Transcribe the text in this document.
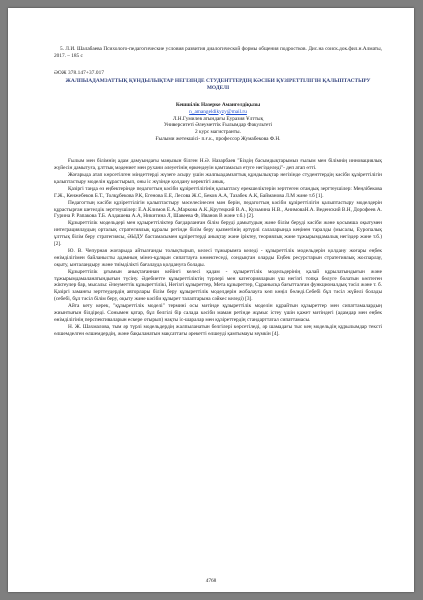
5. Л.И. Шалабаева Психолого-педагогические условия развития диалогической формы общения подростков. Дис.на соиск.док.фил.н.Алматы, 2017. – 185 с

ӘОЖ 378.147+37.017

ЖАЛПЫАДАМЗАТТЫҚ ҚҰНДЫЛЫҚТАР НЕГІЗІНДЕ СТУДЕНТТЕРДІҢ КӘСІБИ ҚҰЗІРЕТТІЛІГІН ҚАЛЫПТАСТЫРУ МОДЕЛІ

Кешшілік Назерке Амангелдіқызы

n_amangeldikyzy@mail.ru

Л.Н.Гумилев атындағы Еуразия Ұлттық

Университеті Әлеуметтік Ғылымдар Факультеті

2 курс магистранты.

Ғылыми жетекшісі- п.ғ.к., профессор Жумабекова Ф.Н.

Ғылым мен білімнің адам дамуындағы маңызын білген Н.Ә. Назарбаев "Біздің басымдықтарымыз ғылым мен білімнің инновациялық жүйесін дамытуға, ұлттық мәдениет мен рухани әлеуетінің өркендеуін қамтамасыз етуге негізделеді"- деп атап өтті.

Жоғарыда атап көрсетілген міндеттерді жүзеге асыру үшін жалпыадамзаттық құндылықтар негізінде студенттердің кәсіби құзіреттілігін қалыптастыру моделін құрастырып, оны іс жүзінде қолдану керектігі анық.

Қазіргі таңда өз еңбектерінде педагогтың кәсіби құзіреттілігінің қалыптасу ерекшеліктерін зерттеген отандық зерттеушілер: Меңлібекова Г.Ж., Кенжебеков Б.Т., Толқұбекова Р.К, Егенова Е.Е, Лесова Ж.С, Беков А.А, Тазабек А.К, Байманова Л.М және т.б [1].

Педагогтың кәсіби құзіреттілігін қалыптастыру мәселесінесен мән берін, педагогтың кәсіби құзіреттілігін қалыптастыру моделдерін құрастырған шетелдік зерттеушілер: Е.А.Климов Е.А.,Маркова А.К.,Крутецкий В.А., Кузьмина Н.В., АнимоваН.А. Веденский В.Н, Дорофеев А. Гурина Р. Рапакова Т.Б. Алдашева А.А, Никитина Л, Шавеева Ф, Иванов В және т.б.) [2].

Құзыреттілік модельдері мен құзыреттіліктер бағдарланған білім беруді дамытудың және білім беруді кәсіби және қосымша оқытумен интеграциялаудың орталық стратегиялық құралы ретінде білім беру қызметінің әртүрлі салаларында кеңінен таралды (мысалы, Еуропалық ұлттық білім беру стратегиясы, ӘЫДУ бастамасымен құзіреттерді анықтау және іріктеу, теориялық және тұжырымдамалық негіздер және т.б.) [2].

Ю. В. Чепурная жоғарыда айтылғанды толықтырып, келесі тұжырымға келеді - құзыреттілік модельдерін қолдану жоғары еңбек өнімділігімен байланысты адамның мінез-құлқын сипаттауға көмектеседі, сондықтан оларды Еңбек ресурстарын стратегиялық жоспарлау, оқыту, ынталандыру және тиімділікті бағалауда қолдануға болады.

Құзыреттілік ұғымын анықтағаннан кейінгі келесі қадам - құзыреттілік модельдерінің қалай құрылатындығын және тұжырымдамаланатындығын түсіну. Әдебиетте құзыреттіліктің түрлері мен категорияларын үш негізгі топқа бөлуге болатын көптеген жіктеулер бар, мысалы: Әлеуметтік құзыреттілікі, Негізгі құзыреттер, Мета құзыреттер, Сұранысқа бағытталған функционалдық тәсіл және т. б. Қазіргі заманғы зерттеудердің авторлары білім беру құзыреттілік моделдерін жобалауға көп көңіл бөледі.Себебі бұл тәсіл жүйелі болады (себебі, бұл тәсіл білім беру, оқыту және кәсіби құзырет талаптарына сәйкес келеді) [3].

Айта кету керек, "құзыреттілік моделі" термині осы мәтінде құзыреттілік моделін құрайтын құзыреттер мен сипаттамалардың жиынтығын білдіреді. Сонымен қатар, бұл белгілі бір салада кәсіби маман ретінде жұмыс істеу үшін қажет мәтіндегі (адамдар мен еңбек өнімділігінің перспективаларын ескере отырып) нақты іс-шаралар мен құзіреттердің стандарттатал сипаттамасы.

Н. Ж. Шахмалова, тым әр түрлі модельдердің жалпыланатын белгілері көрсетіледі, әр шамадағы тыс кең модельдің құрылымдар тексті өлшемделген өлшемдердің, және бақыланатын мақсаттағы әрекетті өлшеуді қамтымауы мүмкін [4].

4768
